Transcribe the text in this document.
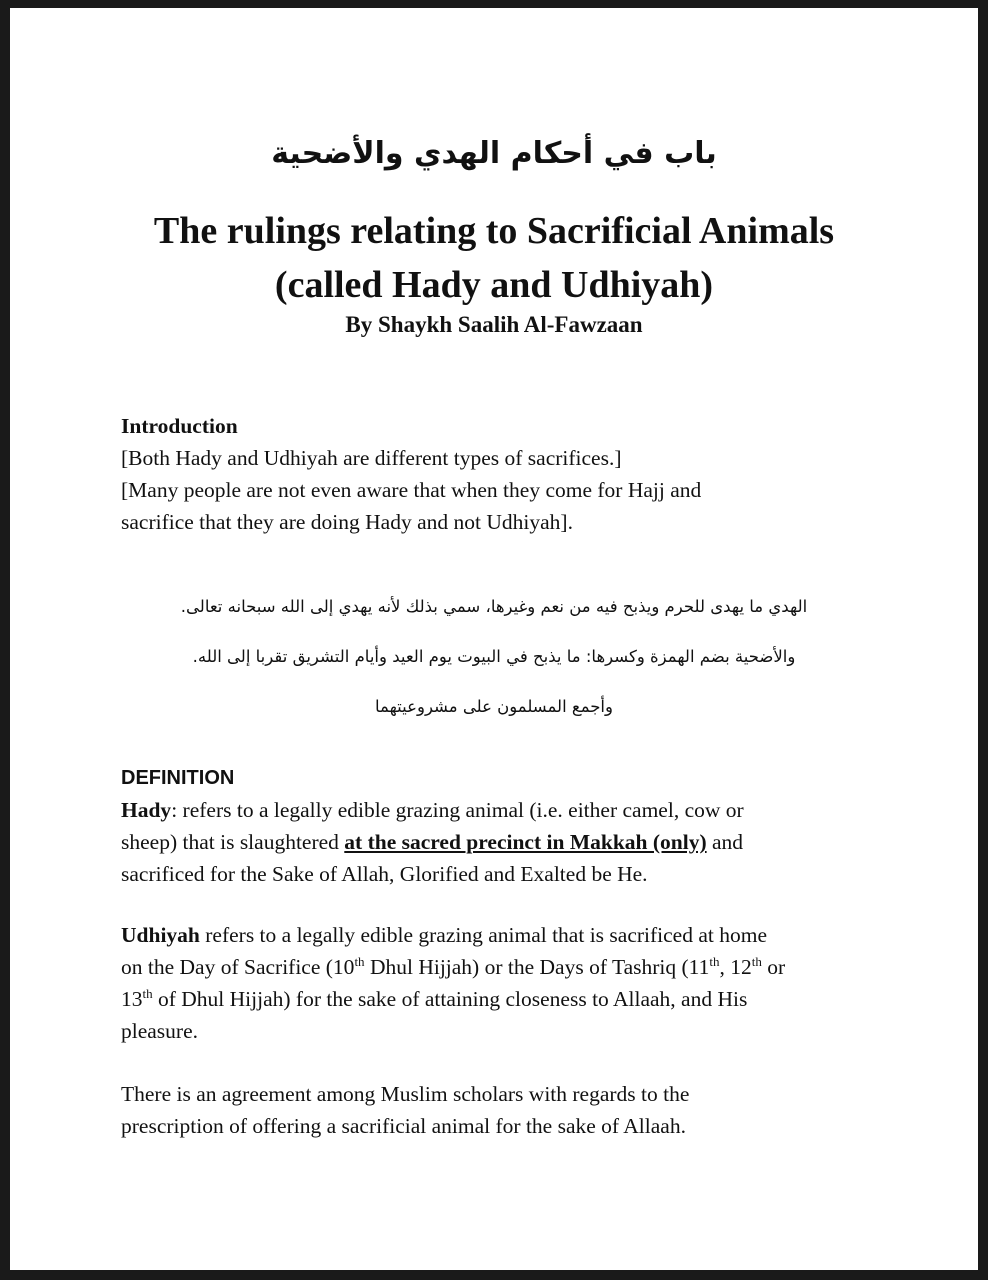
باب في أحكام الهدي والأضحية
The rulings relating to Sacrificial Animals
(called Hady and Udhiyah)
By Shaykh Saalih Al-Fawzaan
Introduction
[Both Hady and Udhiyah are different types of sacrifices.]
[Many people are not even aware that when they come for Hajj and
sacrifice that they are doing Hady and not Udhiyah].
الهدي ما يهدى للحرم ويذبح فيه من نعم وغيرها، سمي بذلك لأنه يهدي إلى الله سبحانه تعالى.
والأضحية بضم الهمزة وكسرها: ما يذبح في البيوت يوم العيد وأيام التشريق تقربا إلى الله.
وأجمع المسلمون على مشروعيتهما
DEFINITION
Hady: refers to a legally edible grazing animal (i.e. either camel, cow or
sheep) that is slaughtered at the sacred precinct in Makkah (only) and
sacrificed for the Sake of Allah, Glorified and Exalted be He.
Udhiyah refers to a legally edible grazing animal that is sacrificed at home
on the Day of Sacrifice (10th Dhul Hijjah) or the Days of Tashriq (11th, 12th or
13th of Dhul Hijjah) for the sake of attaining closeness to Allaah, and His
pleasure.
There is an agreement among Muslim scholars with regards to the
prescription of offering a sacrificial animal for the sake of Allaah.
